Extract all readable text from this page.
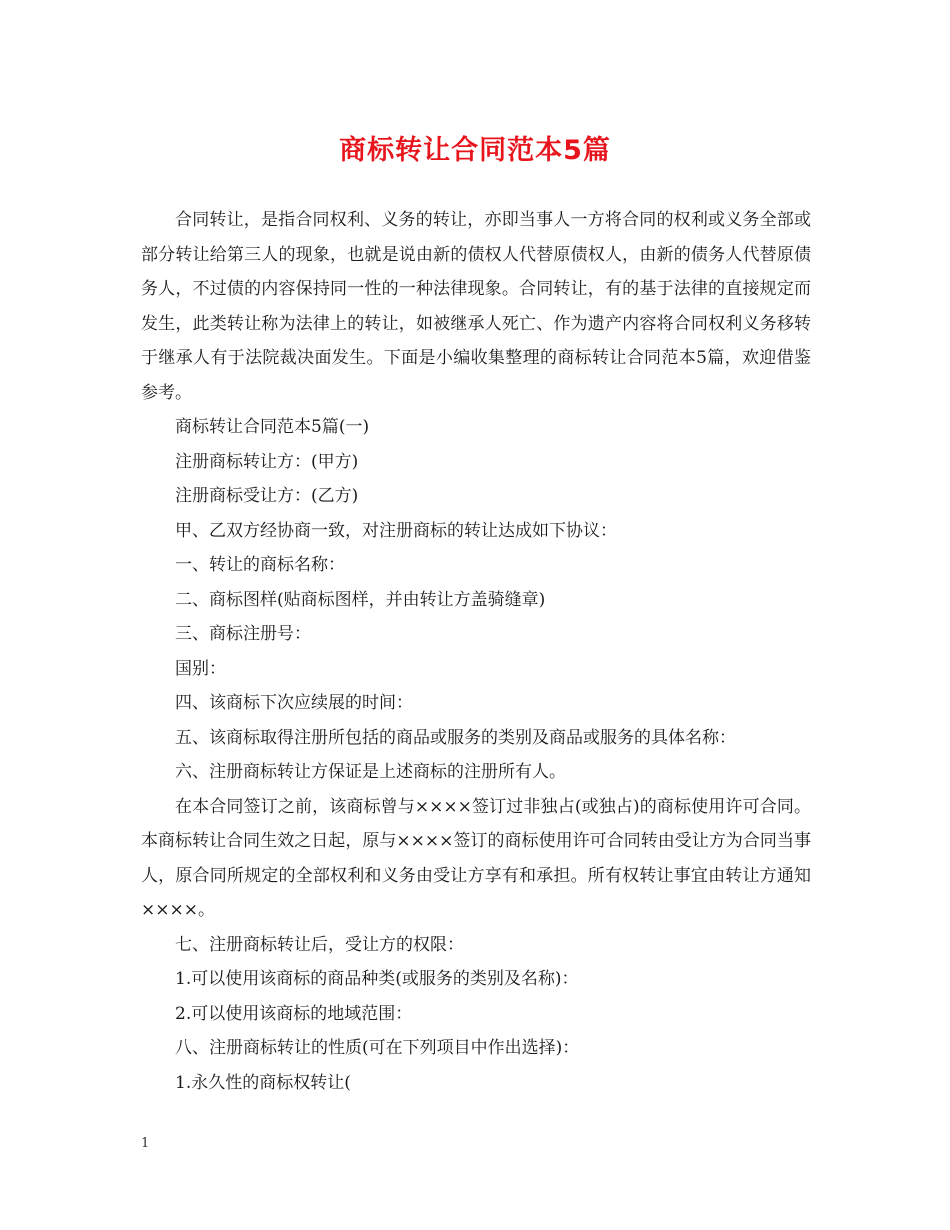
商标转让合同范本5篇

合同转让，是指合同权利、义务的转让，亦即当事人一方将合同的权利或义务全部或部分转让给第三人的现象，也就是说由新的债权人代替原债权人，由新的债务人代替原债务人，不过债的内容保持同一性的一种法律现象。合同转让，有的基于法律的直接规定而发生，此类转让称为法律上的转让，如被继承人死亡、作为遗产内容将合同权利义务移转于继承人有于法院裁决面发生。下面是小编收集整理的商标转让合同范本5篇，欢迎借鉴参考。

商标转让合同范本5篇(一)

注册商标转让方：(甲方)

注册商标受让方：(乙方)

甲、乙双方经协商一致，对注册商标的转让达成如下协议：

一、转让的商标名称：

二、商标图样(贴商标图样，并由转让方盖骑缝章)

三、商标注册号：

国别：

四、该商标下次应续展的时间：

五、该商标取得注册所包括的商品或服务的类别及商品或服务的具体名称：

六、注册商标转让方保证是上述商标的注册所有人。

在本合同签订之前，该商标曾与××××签订过非独占(或独占)的商标使用许可合同。本商标转让合同生效之日起，原与××××签订的商标使用许可合同转由受让方为合同当事人，原合同所规定的全部权利和义务由受让方享有和承担。所有权转让事宜由转让方通知××××。

七、注册商标转让后，受让方的权限：

1.可以使用该商标的商品种类(或服务的类别及名称)：

2.可以使用该商标的地域范围：

八、注册商标转让的性质(可在下列项目中作出选择)：

1.永久性的商标权转让(

1
